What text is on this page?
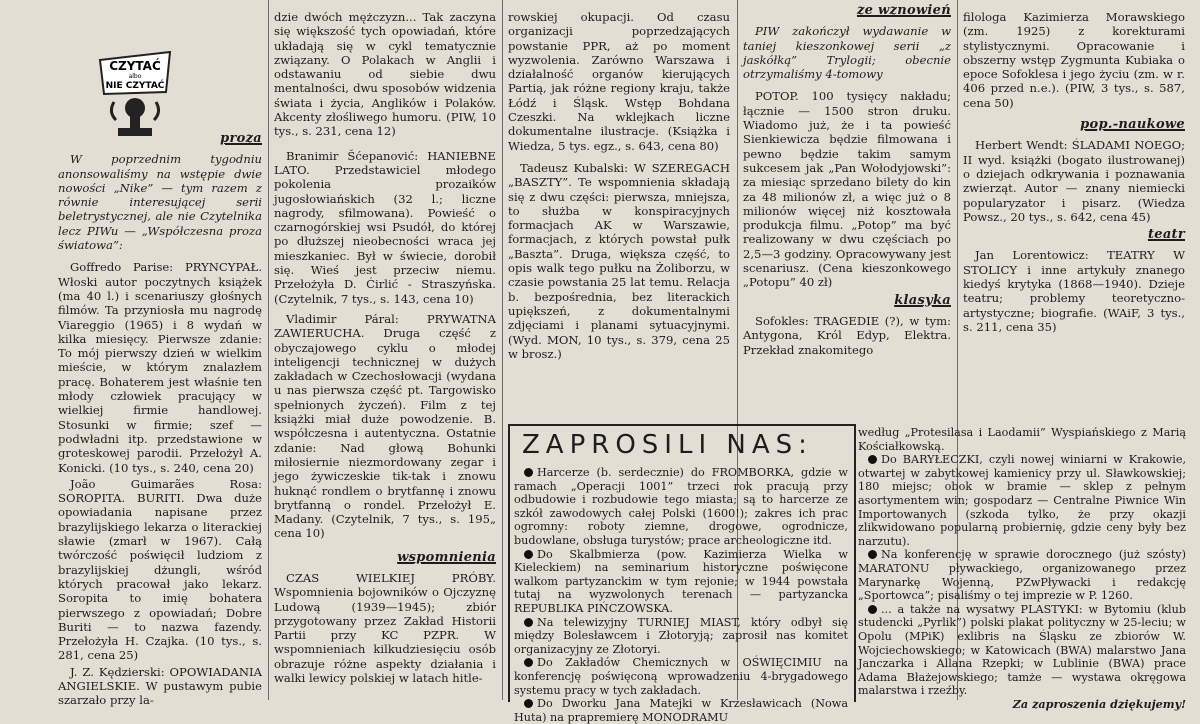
CZYTAĆ
albo
NIE CZYTAĆ
proza

W poprzednim tygodniu anonsowaliśmy na wstępie dwie nowości „Nike” — tym razem z równie interesującej serii beletrystycznej, ale nie Czytelnika lecz PIWu — „Współczesna proza światowa”:

Goffredo Parise: PRYNCYPAŁ. Włoski autor poczytnych książek (ma 40 l.) i scenariuszy głośnych filmów. Ta przyniosła mu nagrodę Viareggio (1965) i 8 wydań w kilka miesięcy. Pierwsze zdanie: To mój pierwszy dzień w wielkim mieście, w którym znalazłem pracę. Bohaterem jest właśnie ten młody człowiek pracujący w wielkiej firmie handlowej. Stosunki w firmie; szef — podwładni itp. przedstawione w groteskowej parodii. Przełożył A. Konicki. (10 tys., s. 240, cena 20)

João Guimarães Rosa: SOROPITA. BURITI. Dwa duże opowiadania napisane przez brazylijskiego lekarza o literackiej sławie (zmarł w 1967). Całą twórczość poświęcił ludziom z brazylijskiej dżungli, wśród których pracował jako lekarz. Soropita to imię bohatera pierwszego z opowiadań; Dobre Buriti — to nazwa fazendy. Przełożyła H. Czajka. (10 tys., s. 281, cena 25)

J. Z. Kędzierski: OPOWIADANIA ANGIELSKIE. W pustawym pubie szarzało przy la-

dzie dwóch mężczyzn... Tak zaczyna się większość tych opowiadań, które układają się w cykl tematycznie związany. O Polakach w Anglii i odstawaniu od siebie dwu mentalności, dwu sposobów widzenia świata i życia, Anglików i Polaków. Akcenty złośliwego humoru. (PIW, 10 tys., s. 231, cena 12)

Branimir Šćepanović: HANIEBNE LATO. Przedstawiciel młodego pokolenia prozaików jugosłowiańskich (32 l.; liczne nagrody, sfilmowana). Powieść o czarnogórskiej wsi Psudół, do której po dłuższej nieobecności wraca jej mieszkaniec. Był w świecie, dorobił się. Wieś jest przeciw niemu. Przełożyła D. Ćirlić - Straszyńska. (Czytelnik, 7 tys., s. 143, cena 10)

Vladimir Páral: PRYWATNA ZAWIERUCHA. Druga część z obyczajowego cyklu o młodej inteligencji technicznej w dużych zakładach w Czechosłowacji (wydana u nas pierwsza część pt. Targowisko spełnionych życzeń). Film z tej książki miał duże powodzenie. B. współczesna i autentyczna. Ostatnie zdanie: Nad głową Bohunki miłosiernie niezmordowany zegar i jego żywiczeskie tik-tak i znowu huknąć rondlem o brytfannę i znowu brytfanną o rondel. Przełożył E. Madany. (Czytelnik, 7 tys., s. 195„ cena 10)

wspomnienia

CZAS WIELKIEJ PRÓBY. Wspomnienia bojowników o Ojczyznę Ludową (1939—1945); zbiór przygotowany przez Zakład Historii Partii przy KC PZPR. W wspomnieniach kilkudziesięciu osób obrazuje różne aspekty działania i walki lewicy polskiej w latach hitle-

rowskiej okupacji. Od czasu organizacji poprzedzających powstanie PPR, aż po moment wyzwolenia. Zarówno Warszawa i działalność organów kierujących Partią, jak różne regiony kraju, także Łódź i Śląsk. Wstęp Bohdana Czeszki. Na wklejkach liczne dokumentalne ilustracje. (Książka i Wiedza, 5 tys. egz., s. 643, cena 80)

Tadeusz Kubalski: W SZEREGACH „BASZTY”. Te wspomnienia składają się z dwu części: pierwsza, mniejsza, to służba w konspiracyjnych formacjach AK w Warszawie, formacjach, z których powstał pułk „Baszta”. Druga, większa część, to opis walk tego pułku na Żoliborzu, w czasie powstania 25 lat temu. Relacja b. bezpośrednia, bez literackich upiększeń, z dokumentalnymi zdjęciami i planami sytuacyjnymi. (Wyd. MON, 10 tys., s. 379, cena 25 w brosz.)

ze wznowień

PIW zakończył wydawanie w taniej kieszonkowej serii „z jaskółką” Trylogii; obecnie otrzymaliśmy 4-tomowy

POTOP. 100 tysięcy nakładu; łącznie — 1500 stron druku. Wiadomo już, że i ta powieść Sienkiewicza będzie filmowana i pewno będzie takim samym sukcesem jak „Pan Wołodyjowski”: za miesiąc sprzedano bilety do kin za 48 milionów zł, a więc już o 8 milionów więcej niż kosztowała produkcja filmu. „Potop” ma być realizowany w dwu częściach po 2,5—3 godziny. Opracowywany jest scenariusz. (Cena kieszonkowego „Potopu” 40 zł)

klasyka

Sofokles: TRAGEDIE (?), w tym: Antygona, Król Edyp, Elektra. Przekład znakomitego

filologa Kazimierza Morawskiego (zm. 1925) z korekturami stylistycznymi. Opracowanie i obszerny wstęp Zygmunta Kubiaka o epoce Sofoklesa i jego życiu (zm. w r. 406 przed n.e.). (PIW, 3 tys., s. 587, cena 50)

pop.-naukowe

Herbert Wendt: ŚLADAMI NOEGO; II wyd. książki (bogato ilustrowanej) o dziejach odkrywania i poznawania zwierząt. Autor — znany niemiecki popularyzator i pisarz. (Wiedza Powsz., 20 tys., s. 642, cena 45)

teatr

Jan Lorentowicz: TEATRY W STOLICY i inne artykuły znanego kiedyś krytyka (1868—1940). Dzieje teatru; problemy teoretyczno-artystyczne; biografie. (WAiF, 3 tys., s. 211, cena 35)

ZAPROSILI NAS:

Harcerze (b. serdecznie) do FROMBORKA, gdzie w ramach „Operacji 1001” trzeci rok pracują przy odbudowie i rozbudowie tego miasta; są to harcerze ze szkół zawodowych całej Polski (1600!); zakres ich prac ogromny: roboty ziemne, drogowe, ogrodnicze, budowlane, obsługa turystów; prace archeologiczne itd.

Do Skalbmierza (pow. Kazimierza Wielka w Kieleckiem) na seminarium historyczne poświęcone walkom partyzanckim w tym rejonie; w 1944 powstała tutaj na wyzwolonych terenach — partyzancka REPUBLIKA PIŃCZOWSKA.

Na telewizyjny TURNIEJ MIAST, który odbył się między Bolesławcem i Złotoryją; zaprosił nas komitet organizacyjny ze Złotoryi.

Do Zakładów Chemicznych w OŚWIĘCIMIU na konferencję poświęconą wprowadzeniu 4-brygadowego systemu pracy w tych zakładach.

Do Dworku Jana Matejki w Krzesławicach (Nowa Huta) na prapremierę MONODRAMU

według „Protesilasa i Laodamii” Wyspiańskiego z Marią Kościałkowską.

Do BARYŁECZKI, czyli nowej winiarni w Krakowie, otwartej w zabytkowej kamienicy przy ul. Sławkowskiej; 180 miejsc; obok w bramie — sklep z pełnym asortymentem win; gospodarz — Centralne Piwnice Win Importowanych (szkoda tylko, że przy okazji zlikwidowano popularną probiernię, gdzie ceny były bez narzutu).

Na konferencję w sprawie dorocznego (już szósty) MARATONU pływackiego, organizowanego przez Marynarkę Wojenną, PZwPływacki i redakcję „Sportowca”; pisaliśmy o tej imprezie w P. 1260.

... a także na wysatwy PLASTYKI: w Bytomiu (klub studencki „Pyrlik”) polski plakat polityczny w 25-leciu; w Opolu (MPiK) exlibris na Śląsku ze zbiorów W. Wojciechowskiego; w Katowicach (BWA) malarstwo Jana Janczarka i Allana Rzepki; w Lublinie (BWA) prace Adama Błażejowskiego; tamże — wystawa okręgowa malarstwa i rzeźby.

Za zaproszenia dziękujemy!
